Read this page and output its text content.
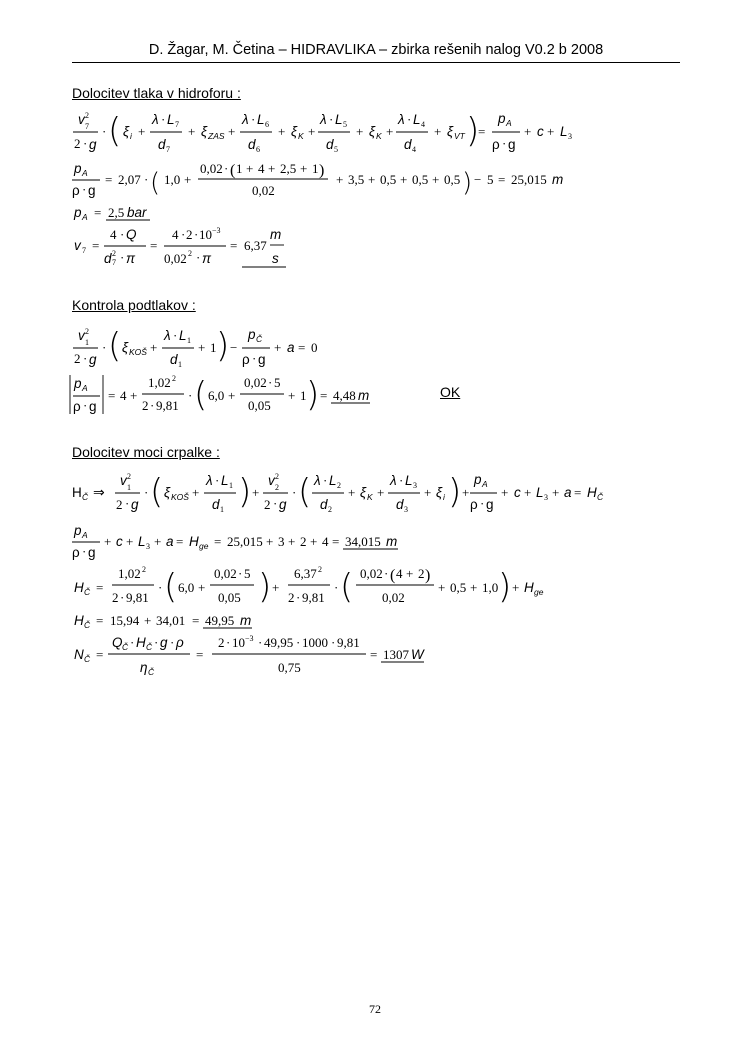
D. Žagar, M. Četina – HIDRAVLIKA – zbirka rešenih nalog V0.2 b 2008
Dolocitev tlaka v hidroforu :
v 2
7
2 · g
· ( ξ i +
λ · L 7
d 7
+ ξ ZAS +
λ · L 6
d 6
+ ξ K +
λ · L 5
d 5
+ ξ K +
λ · L 4
d 4
+ ξ VT )
=
p A
ρ · g
+ c + L 3
p A
ρ · g
= 2,07 · ( 1,0 +
0,02 · ( 1 + 4 + 2,5 + 1 )
0,02
+ 3,5 + 0,5 + 0,5 + 0,5 ) − 5 = 25,015 m
p A = 2,5 bar
v 7 =
4 · Q
d 2
7 · π
=
4 · 2 · 10 −3
0,02 2 · π
= 6,37
m
s
Kontrola podtlakov :
v 2
1
2 · g
· ( ξ KOŠ +
λ · L 1
d 1
+ 1 ) −
p Č
ρ · g
+ a = 0
p A
ρ · g
= 4 +
1,02 2
2 · 9,81
· ( 6,0 +
0,02 · 5
0,05
+ 1 ) = 4,48 m	OK
Dolocitev moci crpalke :
H Č ⇒
v 2
1
2 · g
· ( ξ KOŠ +
λ · L 1
d 1 ) +
v 2
2
2 · g
· ( λ · L 2
d 2
+ ξ K +
λ · L 3
d 3
+ ξ i ) +
p A
ρ · g
+ c + L 3 + a = H Č
p A
ρ · g
+ c + L 3 + a = H ge = 25,015 + 3 + 2 + 4 = 34,015 m
H Č =
1,02 2
2 · 9,81
· ( 6,0 +
0,02 · 5
0,05 ) +
6,37 2
2 · 9,81
· ( 0,02 · ( 4 + 2 )
0,02
+ 0,5 + 1,0 ) + H ge
H Č = 15,94 + 34,01 = 49,95 m
N Č =
Q Č · H Č · g · ρ
η Č
=
2 · 10 −3 · 49,95 · 1000 · 9,81
0,75
= 1307 W
72
